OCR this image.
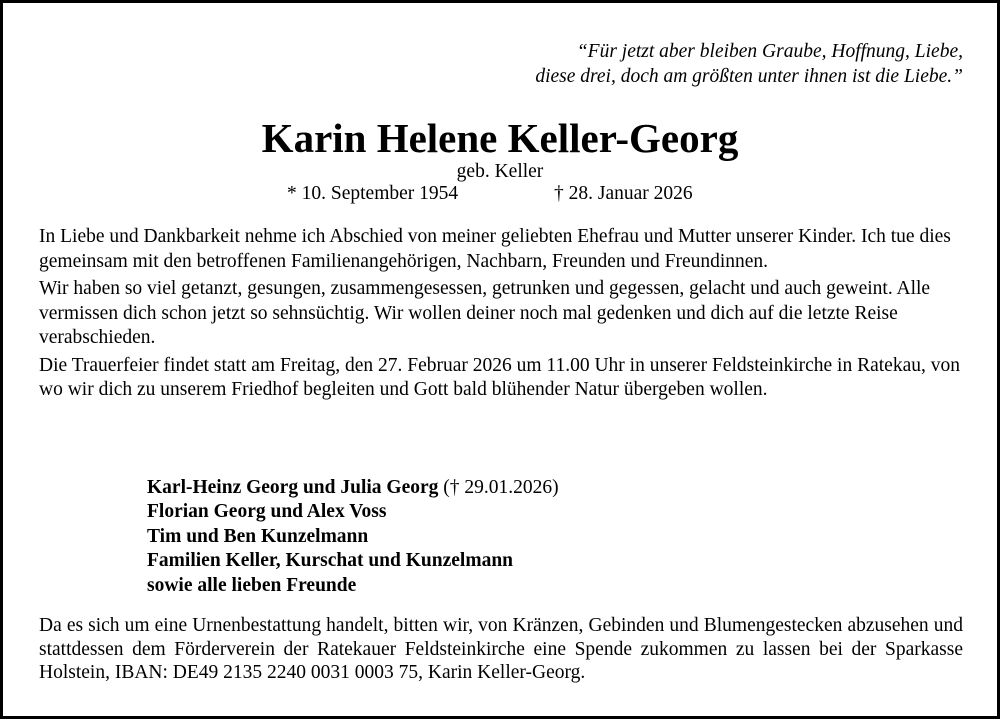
“Für jetzt aber bleiben Graube, Hoffnung, Liebe,
diese drei, doch am größten unter ihnen ist die Liebe.”
Karin Helene Keller-Georg
geb. Keller
* 10. September 1954	† 28. Januar 2026

In Liebe und Dankbarkeit nehme ich Abschied von meiner geliebten Ehefrau und Mutter unserer Kinder. Ich tue dies gemeinsam mit den betroffenen Familienangehörigen, Nachbarn, Freunden und Freundinnen.

Wir haben so viel getanzt, gesungen, zusammengesessen, getrunken und gegessen, gelacht und auch geweint. Alle vermissen dich schon jetzt so sehnsüchtig. Wir wollen deiner noch mal gedenken und dich auf die letzte Reise verabschieden.

Die Trauerfeier findet statt am Freitag, den 27. Februar 2026 um 11.00 Uhr in unserer Feldsteinkirche in Ratekau, von wo wir dich zu unserem Friedhof begleiten und Gott bald blühender Natur übergeben wollen.

Karl-Heinz Georg und Julia Georg († 29.01.2026)
Florian Georg und Alex Voss
Tim und Ben Kunzelmann
Familien Keller, Kurschat und Kunzelmann
sowie alle lieben Freunde
Da es sich um eine Urnenbestattung handelt, bitten wir, von Kränzen, Gebinden und Blumengestecken abzusehen und stattdessen dem Förderverein der Ratekauer Feldsteinkirche eine Spende zukommen zu lassen bei der Sparkasse Holstein, IBAN: DE49 2135 2240 0031 0003 75, Karin Keller-Georg.
